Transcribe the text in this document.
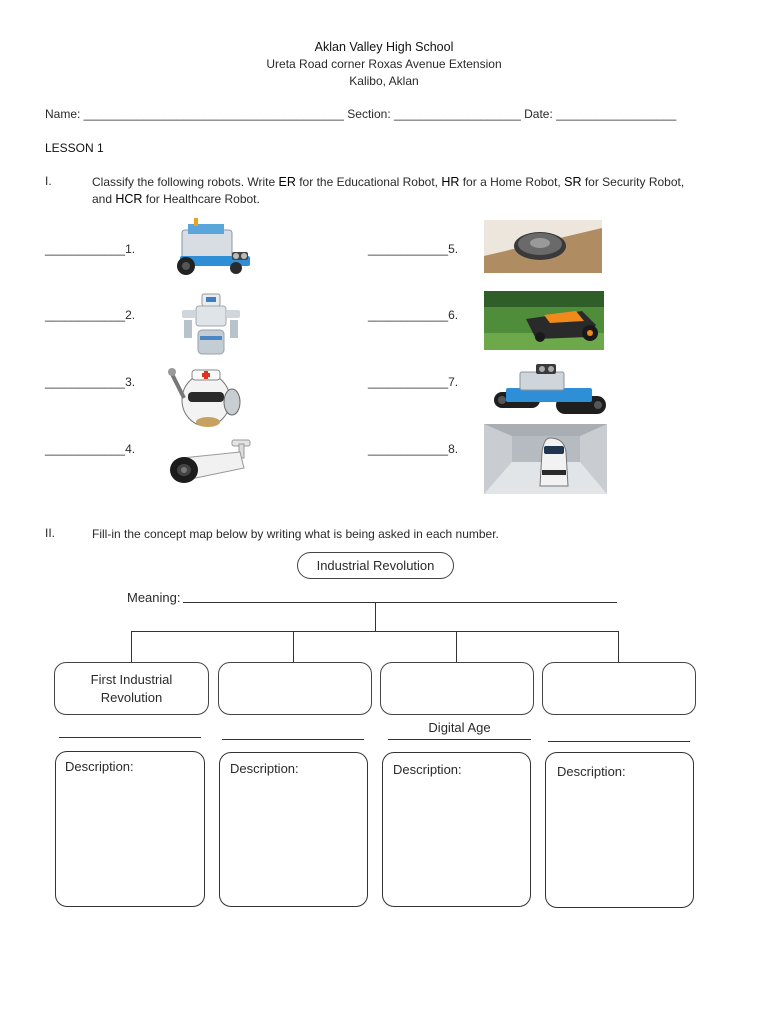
Aklan Valley High School
Ureta Road corner Roxas Avenue Extension
Kalibo, Aklan
Name: _______________________________________ Section: ___________________ Date: __________________
LESSON 1
I.	Classify the following robots. Write ER for the Educational Robot, HR for a Home Robot, SR for Security Robot,
and HCR for Healthcare Robot.
____________1.
____________2.
____________3.
____________4.
____________5.
____________6.
____________7.
____________8.
II.	Fill-in the concept map below by writing what is being asked in each number.
Industrial Revolution
Meaning:
First Industrial
Revolution
Digital Age
Description:	Description:	Description:	Description:
